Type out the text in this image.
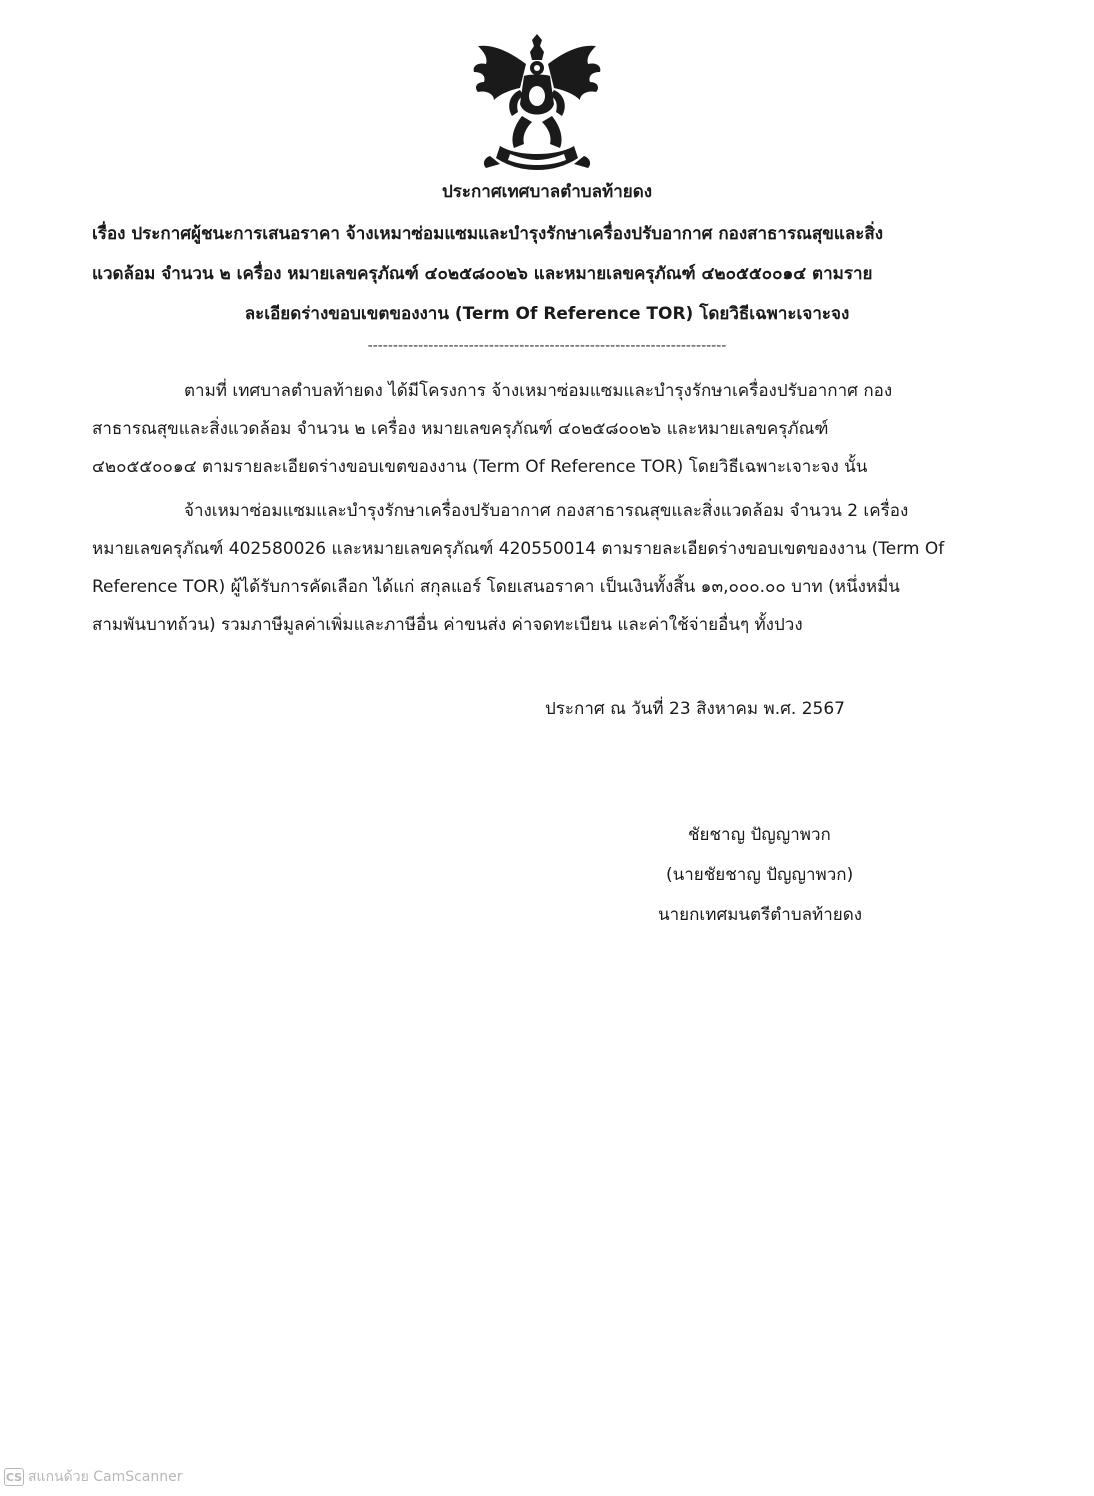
ประกาศเทศบาลตำบลท้ายดง
เรื่อง ประกาศผู้ชนะการเสนอราคา จ้างเหมาซ่อมแซมและบำรุงรักษาเครื่องปรับอากาศ กองสาธารณสุขและสิ่ง
แวดล้อม จำนวน ๒ เครื่อง หมายเลขครุภัณฑ์ ๔๐๒๕๘๐๐๒๖ และหมายเลขครุภัณฑ์ ๔๒๐๕๕๐๐๑๔ ตามราย
ละเอียดร่างขอบเขตของงาน (Term Of Reference TOR) โดยวิธีเฉพาะเจาะจง
-----------------------------------------------------------------------
ตามที่ เทศบาลตำบลท้ายดง ได้มีโครงการ จ้างเหมาซ่อมแซมและบำรุงรักษาเครื่องปรับอากาศ กอง
สาธารณสุขและสิ่งแวดล้อม จำนวน ๒ เครื่อง หมายเลขครุภัณฑ์ ๔๐๒๕๘๐๐๒๖ และหมายเลขครุภัณฑ์
๔๒๐๕๕๐๐๑๔ ตามรายละเอียดร่างขอบเขตของงาน (Term Of Reference TOR) โดยวิธีเฉพาะเจาะจง นั้น
จ้างเหมาซ่อมแซมและบำรุงรักษาเครื่องปรับอากาศ กองสาธารณสุขและสิ่งแวดล้อม จำนวน 2 เครื่อง
หมายเลขครุภัณฑ์ 402580026 และหมายเลขครุภัณฑ์ 420550014 ตามรายละเอียดร่างขอบเขตของงาน (Term Of
Reference TOR) ผู้ได้รับการคัดเลือก ได้แก่ สกุลแอร์ โดยเสนอราคา เป็นเงินทั้งสิ้น ๑๓,๐๐๐.๐๐ บาท (หนึ่งหมื่น
สามพันบาทถ้วน) รวมภาษีมูลค่าเพิ่มและภาษีอื่น ค่าขนส่ง ค่าจดทะเบียน และค่าใช้จ่ายอื่นๆ ทั้งปวง
ประกาศ ณ วันที่ 23 สิงหาคม พ.ศ. 2567
ชัยชาญ ปัญญาพวก
(นายชัยชาญ ปัญญาพวก)
นายกเทศมนตรีตำบลท้ายดง
CS สแกนด้วย CamScanner
